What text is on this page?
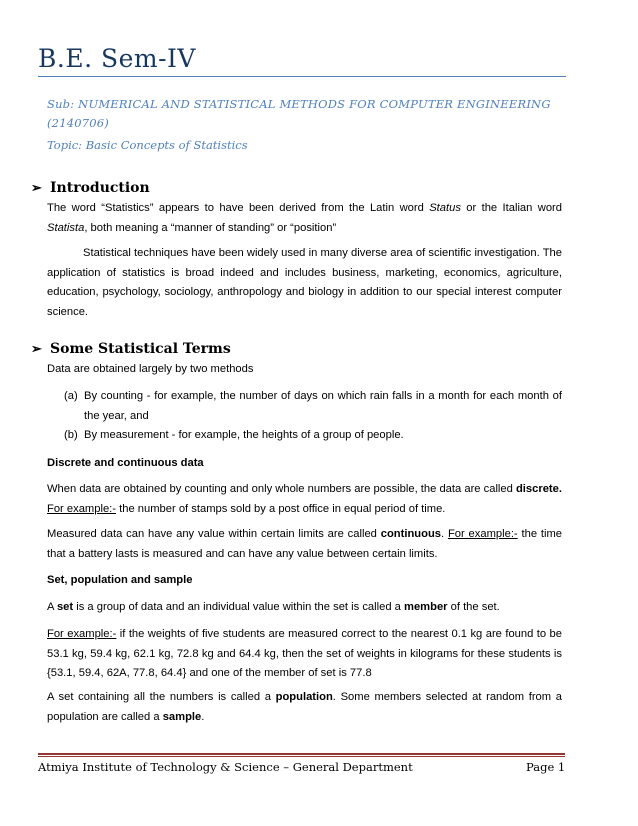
B.E. Sem-IV

Sub: NUMERICAL AND STATISTICAL METHODS FOR COMPUTER ENGINEERING
(2140706)

Topic: Basic Concepts of Statistics

➢ Introduction

The word “Statistics” appears to have been derived from the Latin word Status or the Italian word Statista, both meaning a “manner of standing” or “position”

Statistical techniques have been widely used in many diverse area of scientific investigation. The application of statistics is broad indeed and includes business, marketing, economics, agriculture, education, psychology, sociology, anthropology and biology in addition to our special interest computer science.

➢ Some Statistical Terms

Data are obtained largely by two methods

(a) By counting - for example, the number of days on which rain falls in a month for each month of the year, and
(b) By measurement - for example, the heights of a group of people.

Discrete and continuous data

When data are obtained by counting and only whole numbers are possible, the data are called discrete. For example:- the number of stamps sold by a post office in equal period of time.

Measured data can have any value within certain limits are called continuous. For example:- the time that a battery lasts is measured and can have any value between certain limits.

Set, population and sample

A set is a group of data and an individual value within the set is called a member of the set.

For example:- if the weights of five students are measured correct to the nearest 0.1 kg are found to be 53.1 kg, 59.4 kg, 62.1 kg, 72.8 kg and 64.4 kg, then the set of weights in kilograms for these students is {53.1, 59.4, 62A, 77.8, 64.4} and one of the member of set is 77.8

A set containing all the numbers is called a population. Some members selected at random from a population are called a sample.

Atmiya Institute of Technology & Science – General Department	Page 1
